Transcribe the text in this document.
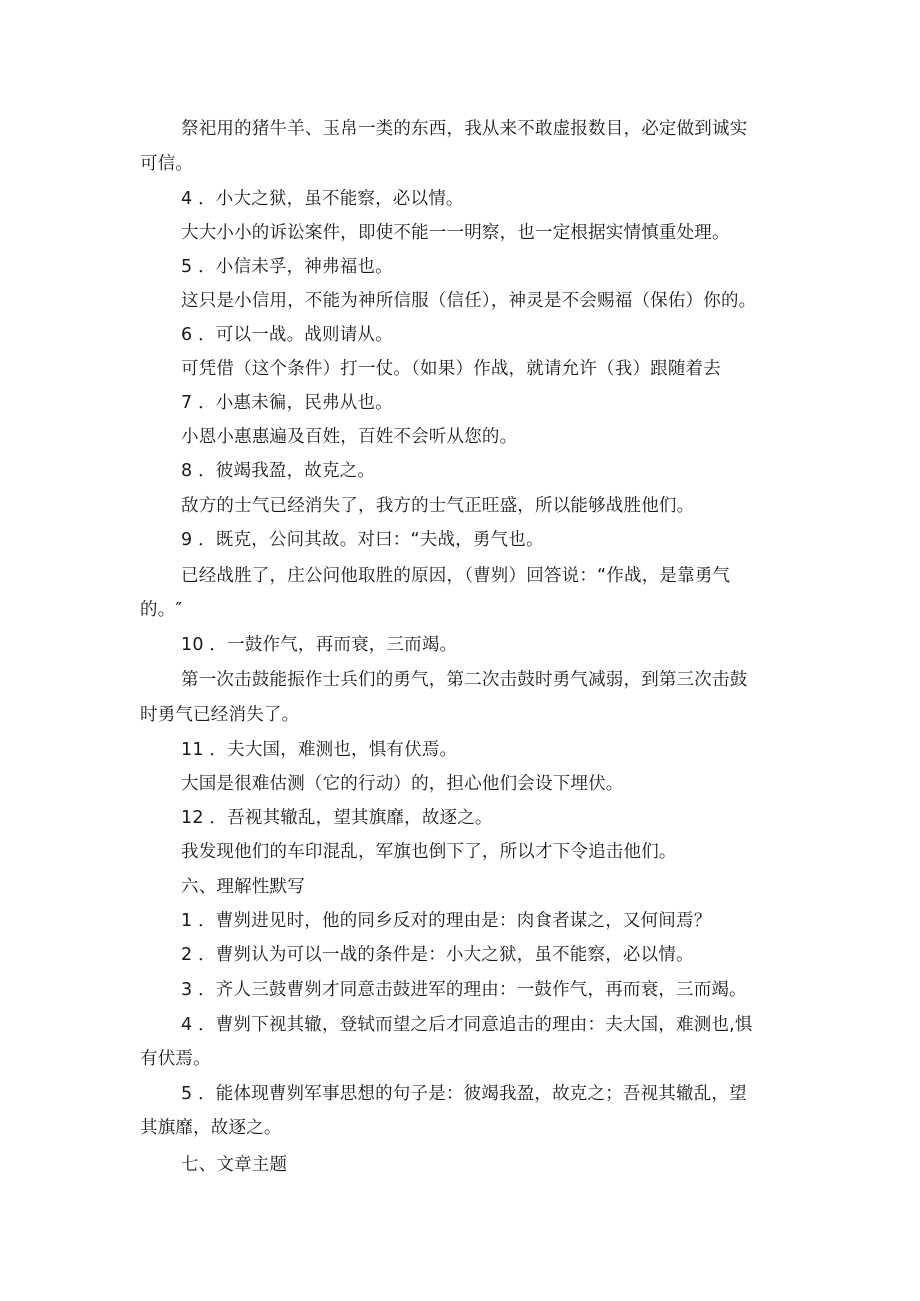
祭祀用的猪牛羊、玉帛一类的东西，我从来不敢虚报数目，必定做到诚实
可信。
4 ．小大之狱，虽不能察，必以情。
大大小小的诉讼案件，即使不能一一明察，也一定根据实情慎重处理。
5 ．小信未孚，神弗福也。
这只是小信用，不能为神所信服（信任），神灵是不会赐福（保佑）你的。
6 ．可以一战。战则请从。
可凭借（这个条件）打一仗。（如果）作战，就请允许（我）跟随着去
7 ．小惠未徧，民弗从也。
小恩小惠惠遍及百姓，百姓不会听从您的。
8 ．彼竭我盈，故克之。
敌方的士气已经消失了，我方的士气正旺盛，所以能够战胜他们。
9 ．既克，公问其故。对曰：“夫战，勇气也。
已经战胜了，庄公问他取胜的原因，（曹刿）回答说：“作战，是靠勇气
的。″
10 ．一鼓作气，再而衰，三而竭。
第一次击鼓能振作士兵们的勇气，第二次击鼓时勇气减弱，到第三次击鼓
时勇气已经消失了。
11 ．夫大国，难测也，惧有伏焉。
大国是很难估测（它的行动）的，担心他们会设下埋伏。
12 ．吾视其辙乱，望其旗靡，故逐之。
我发现他们的车印混乱，军旗也倒下了，所以才下令追击他们。
六、理解性默写
1 ．曹刿进见时，他的同乡反对的理由是：肉食者谋之，又何间焉？
2 ．曹刿认为可以一战的条件是：小大之狱，虽不能察，必以情。
3 ．齐人三鼓曹刿才同意击鼓进军的理由：一鼓作气，再而衰，三而竭。
4 ．曹刿下视其辙，登轼而望之后才同意追击的理由：夫大国，难测也,惧
有伏焉。
5 ．能体现曹刿军事思想的句子是：彼竭我盈，故克之；吾视其辙乱，望
其旗靡，故逐之。
七、文章主题
